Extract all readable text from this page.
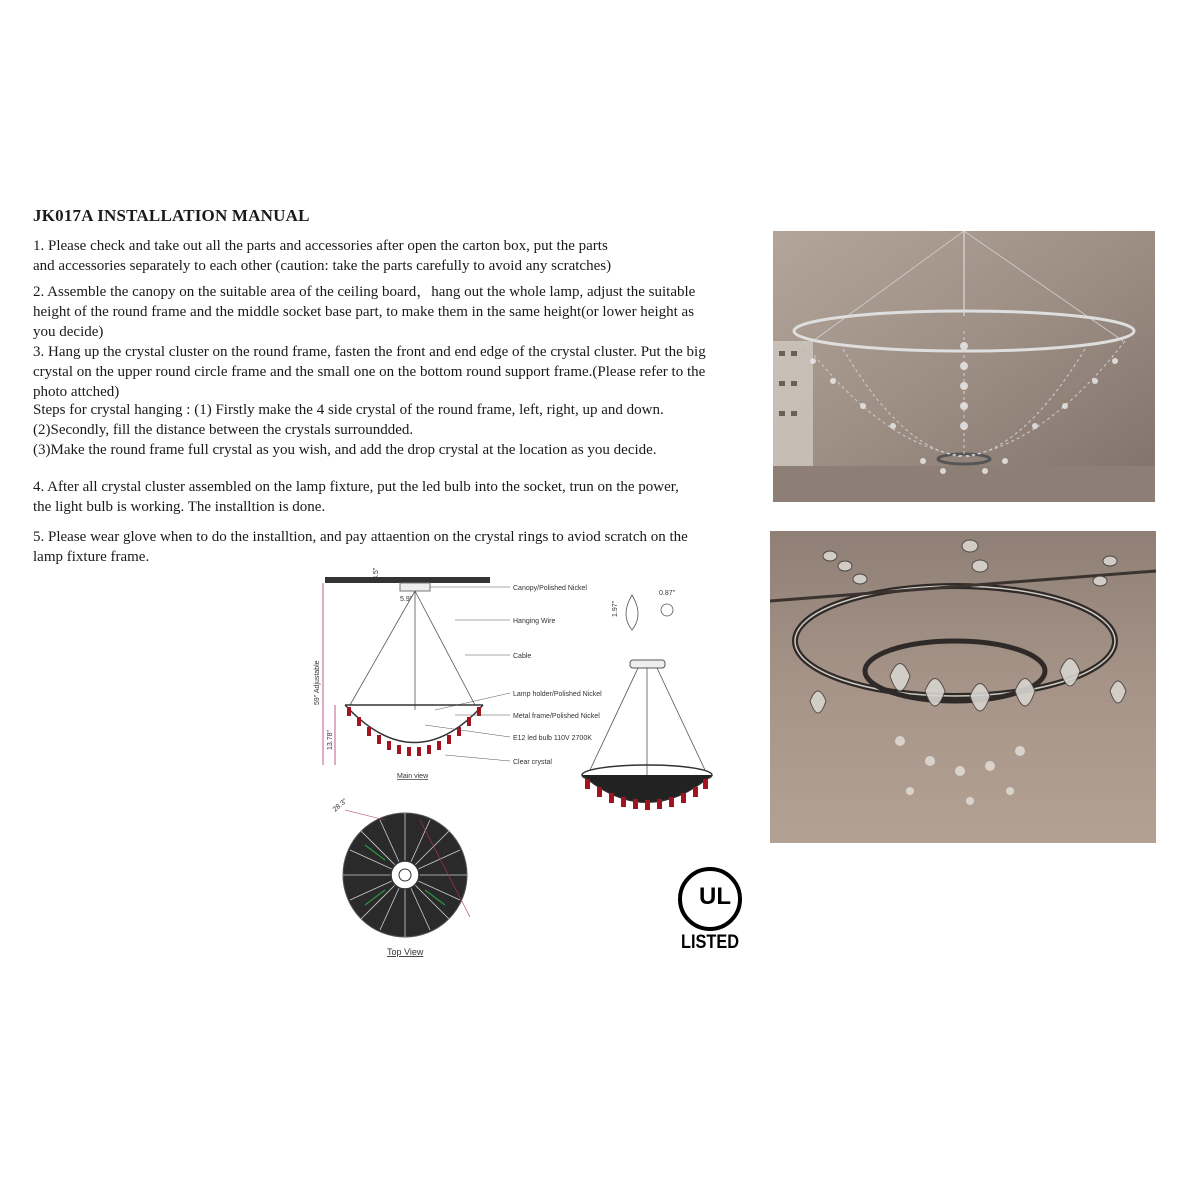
JK017A INSTALLATION MANUAL

1. Please check and take out all the parts and accessories after open the carton box, put the parts
and accessories separately to each other (caution: take the parts carefully to avoid any scratches)

2. Assemble the canopy on the suitable area of the ceiling board，hang out the whole lamp, adjust the suitable
height of the round frame and the middle socket base part, to make them in the same height(or lower height as
you decide)

3. Hang up the crystal cluster on the round frame, fasten the front and end edge of the crystal cluster. Put the big
crystal on the upper round circle frame and the small one on the bottom round support frame.(Please refer to the
photo attched)
Steps for crystal hanging : (1) Firstly make the 4 side crystal of the round frame, left, right, up and down.
(2)Secondly, fill the distance between the crystals surroundded.
(3)Make the round frame full crystal as you wish, and add the drop crystal at the location as you decide.

4. After all crystal cluster assembled on the lamp fixture, put the led bulb into the socket, trun on the power,
the light bulb is working. The installtion is done.

5. Please wear glove when to do the installtion, and pay attaention on the crystal rings to aviod scratch on the
lamp fixture frame.

59" Adjustable
13.78"
3.5"
5.9"
Canopy/Polished Nickel
Hanging Wire
Cable
Lamp holder/Polished Nickel
Metal frame/Polished Nickel
E12 led bulb 110V 2700K
Clear crystal
Main view
1.97"
0.87"
28.3"
Top View
UL
LISTED
